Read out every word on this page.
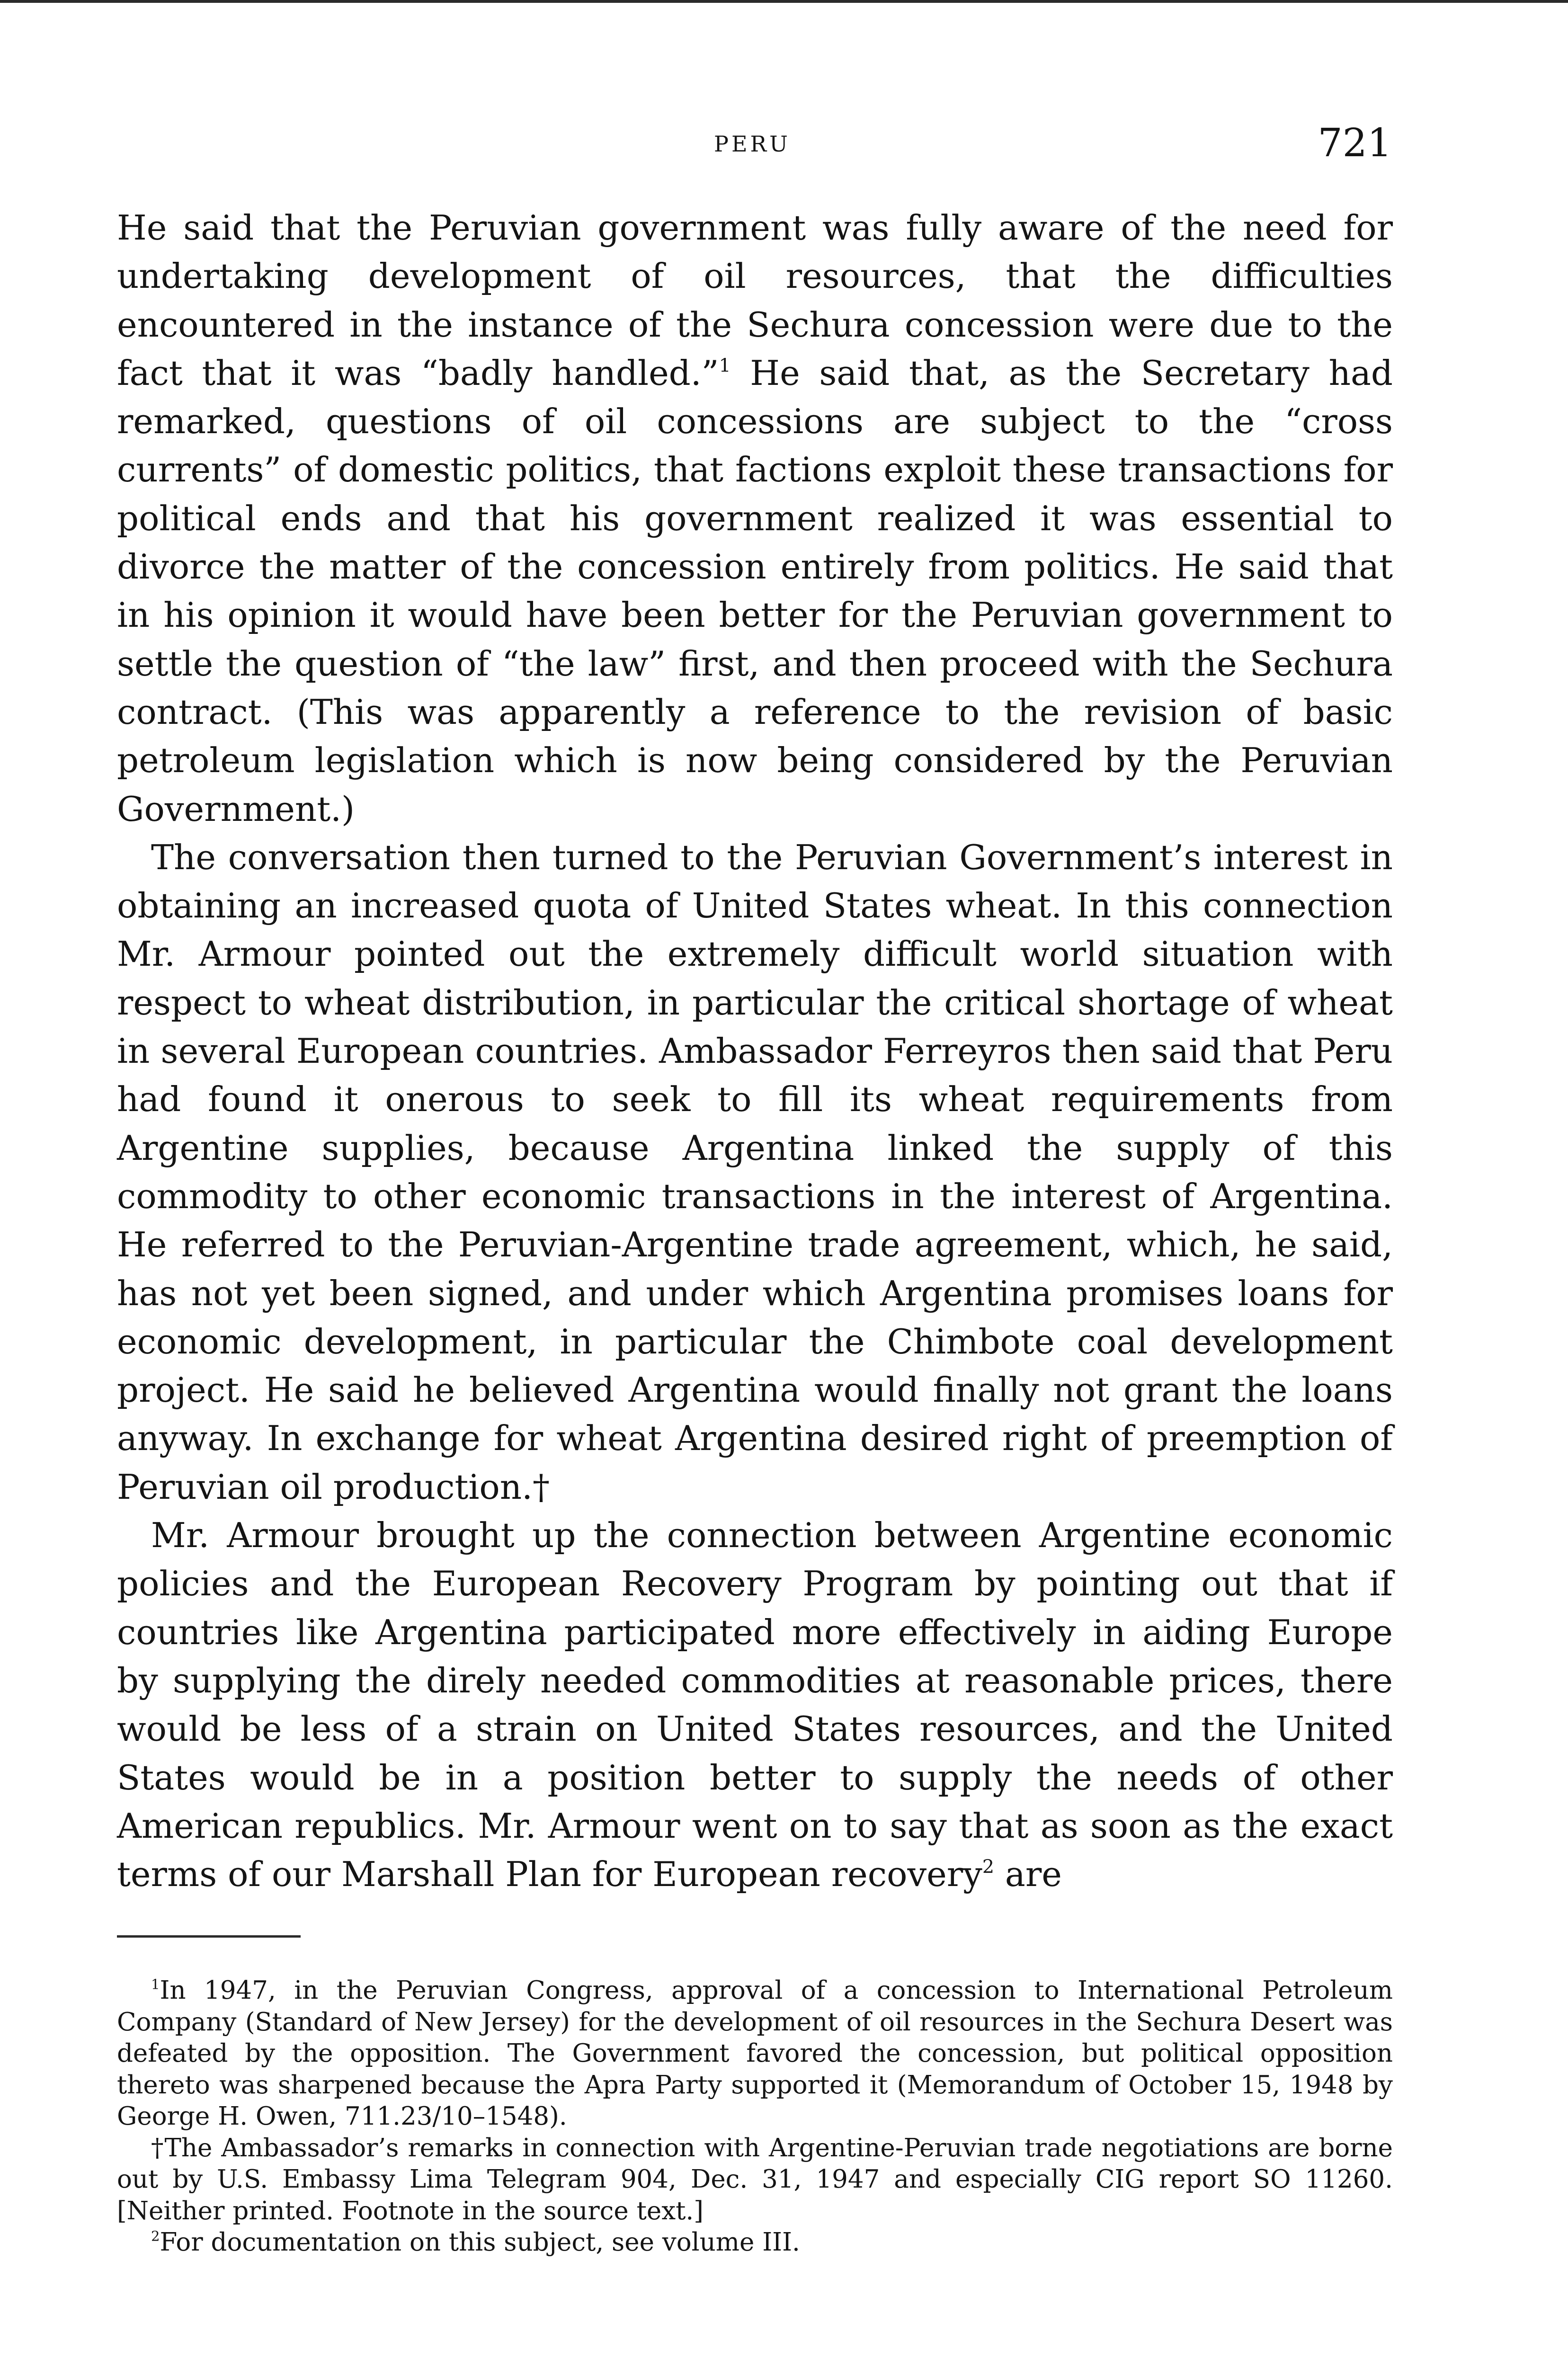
PERU	721

He said that the Peruvian government was fully aware of the need for undertaking development of oil resources, that the difficulties encountered in the instance of the Sechura concession were due to the fact that it was “badly handled.”$^1$ He said that, as the Secretary had remarked, questions of oil concessions are subject to the “cross currents” of domestic politics, that factions exploit these transactions for political ends and that his government realized it was essential to divorce the matter of the concession entirely from politics. He said that in his opinion it would have been better for the Peruvian government to settle the question of “the law” first, and then proceed with the Sechura contract. (This was apparently a reference to the revision of basic petroleum legislation which is now being considered by the Peruvian Government.)

The conversation then turned to the Peruvian Government’s interest in obtaining an increased quota of United States wheat. In this connection Mr. Armour pointed out the extremely difficult world situation with respect to wheat distribution, in particular the critical shortage of wheat in several European countries. Ambassador Ferreyros then said that Peru had found it onerous to seek to fill its wheat requirements from Argentine supplies, because Argentina linked the supply of this commodity to other economic transactions in the interest of Argentina. He referred to the Peruvian-Argentine trade agreement, which, he said, has not yet been signed, and under which Argentina promises loans for economic development, in particular the Chimbote coal development project. He said he believed Argentina would finally not grant the loans anyway. In exchange for wheat Argentina desired right of preemption of Peruvian oil production.†

Mr. Armour brought up the connection between Argentine economic policies and the European Recovery Program by pointing out that if countries like Argentina participated more effectively in aiding Europe by supplying the direly needed commodities at reasonable prices, there would be less of a strain on United States resources, and the United States would be in a position better to supply the needs of other American republics. Mr. Armour went on to say that as soon as the exact terms of our Marshall Plan for European recovery$^2$ are

$^1$In 1947, in the Peruvian Congress, approval of a concession to International Petroleum Company (Standard of New Jersey) for the development of oil resources in the Sechura Desert was defeated by the opposition. The Government favored the concession, but political opposition thereto was sharpened because the Apra Party supported it (Memorandum of October 15, 1948 by George H. Owen, 711.23/10–1548).

†The Ambassador’s remarks in connection with Argentine-Peruvian trade negotiations are borne out by U.S. Embassy Lima Telegram 904, Dec. 31, 1947 and especially CIG report SO 11260. [Neither printed. Footnote in the source text.]

$^2$For documentation on this subject, see volume III.
